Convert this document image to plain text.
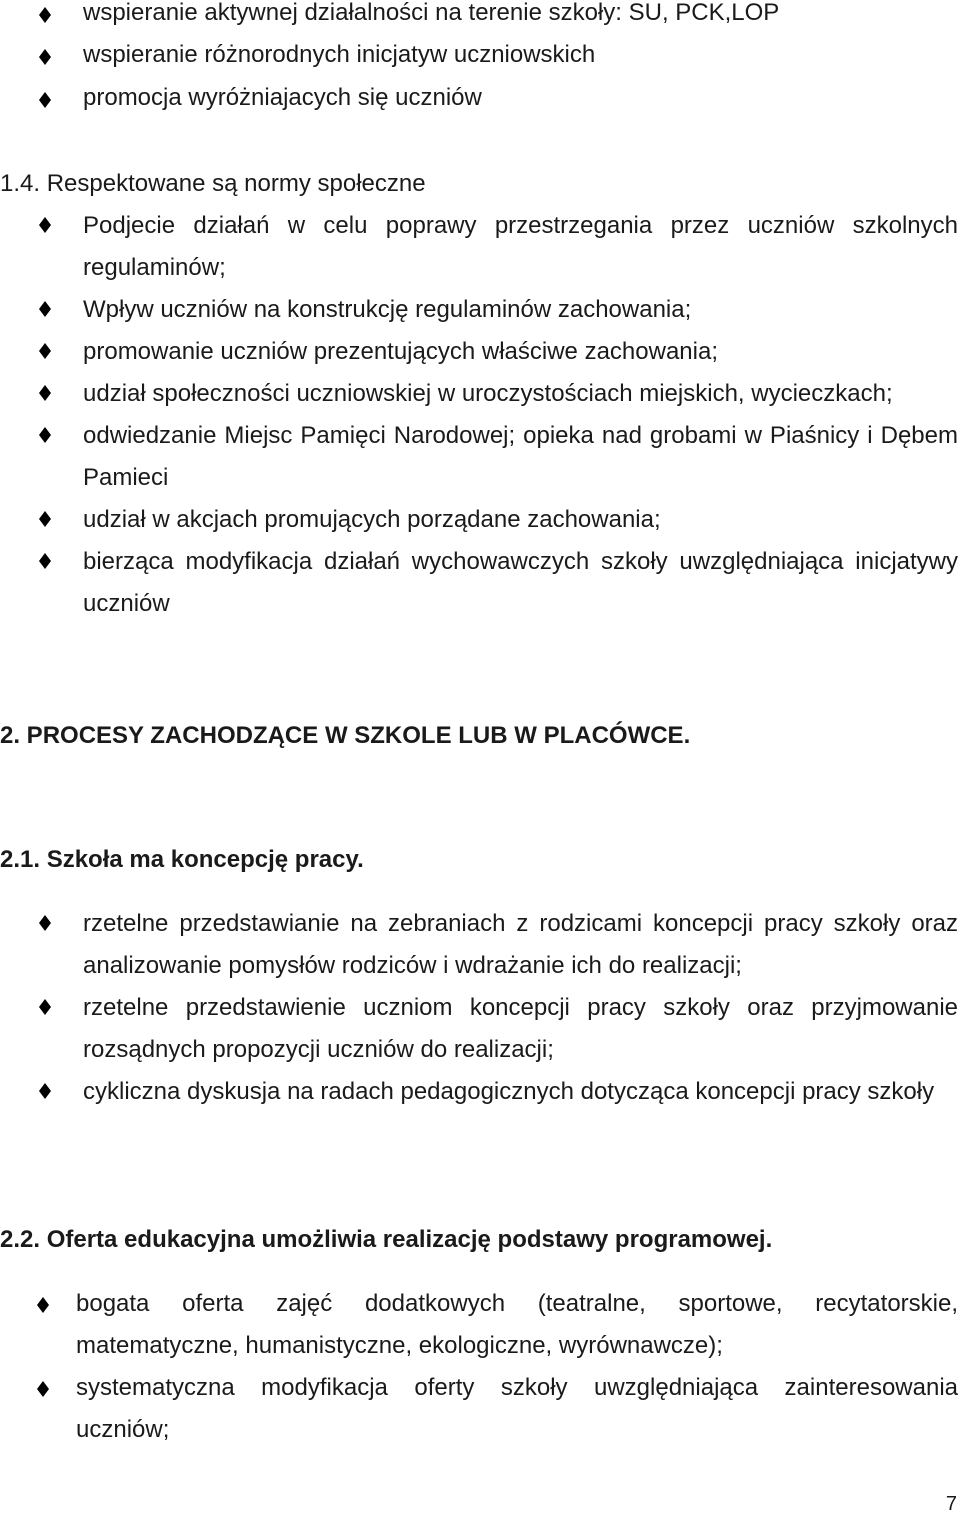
wspieranie aktywnej działalności na terenie szkoły: SU, PCK,LOP
wspieranie różnorodnych inicjatyw uczniowskich
promocja wyróżniajacych się uczniów

1.4. Respektowane są normy społeczne

Podjecie działań w celu poprawy przestrzegania przez uczniów szkolnych regulaminów;
Wpływ uczniów na konstrukcję regulaminów zachowania;
promowanie uczniów prezentujących właściwe zachowania;
udział społeczności uczniowskiej w uroczystościach miejskich, wycieczkach;
odwiedzanie Miejsc Pamięci Narodowej; opieka nad grobami w Piaśnicy i Dębem Pamieci
udział w akcjach promujących porządane zachowania;
bierząca modyfikacja działań wychowawczych szkoły uwzględniająca inicjatywy uczniów

2. PROCESY ZACHODZĄCE W SZKOLE LUB W PLACÓWCE.

2.1. Szkoła ma koncepcję pracy.

rzetelne przedstawianie na zebraniach z rodzicami koncepcji pracy szkoły oraz analizowanie pomysłów rodziców i wdrażanie ich do realizacji;
rzetelne przedstawienie uczniom koncepcji pracy szkoły oraz przyjmowanie rozsądnych propozycji uczniów do realizacji;
cykliczna dyskusja na radach pedagogicznych dotycząca koncepcji pracy szkoły

2.2. Oferta edukacyjna umożliwia realizację podstawy programowej.

bogata oferta zajęć dodatkowych (teatralne, sportowe, recytatorskie, matematyczne, humanistyczne, ekologiczne, wyrównawcze);
systematyczna modyfikacja oferty szkoły uwzględniająca zainteresowania uczniów;
7
